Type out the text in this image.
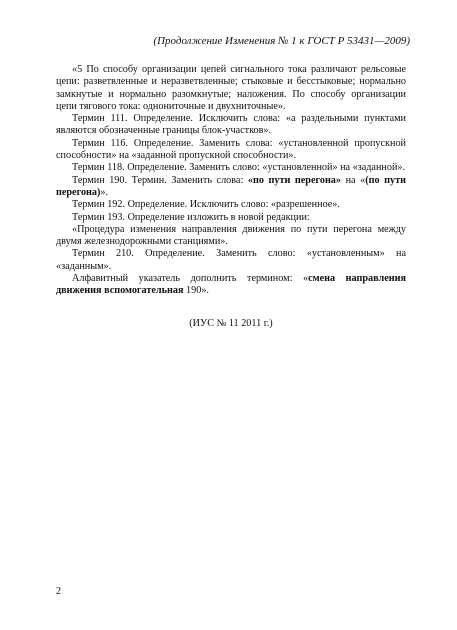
(Продолжение Изменения № 1 к ГОСТ Р 53431—2009)

«5 По способу организации цепей сигнального тока различают рельсовые цепи: разветвленные и неразветвленные; стыковые и бесстыковые; нормально замкнутые и нормально разомкнутые; наложения. По способу организации цепи тягового тока: однониточные и двухниточные».

Термин 111. Определение. Исключить слова: «а раздельными пунктами являются обозначенные границы блок-участков».

Термин 116. Определение. Заменить слова: «установленной пропускной способности» на «заданной пропускной способности».

Термин 118. Определение. Заменить слово: «установленной» на «заданной».

Термин 190. Термин. Заменить слова: «по пути перегона» на «(по пути перегона)».

Термин 192. Определение. Исключить слово: «разрешенное».

Термин 193. Определение изложить в новой редакции:

«Процедура изменения направления движения по пути перегона между двумя железнодорожными станциями».

Термин 210. Определение. Заменить слово: «установленным» на «заданным».

Алфавитный указатель дополнить термином: «смена направления движения вспомогательная 190».

(ИУС № 11 2011 г.)
2
